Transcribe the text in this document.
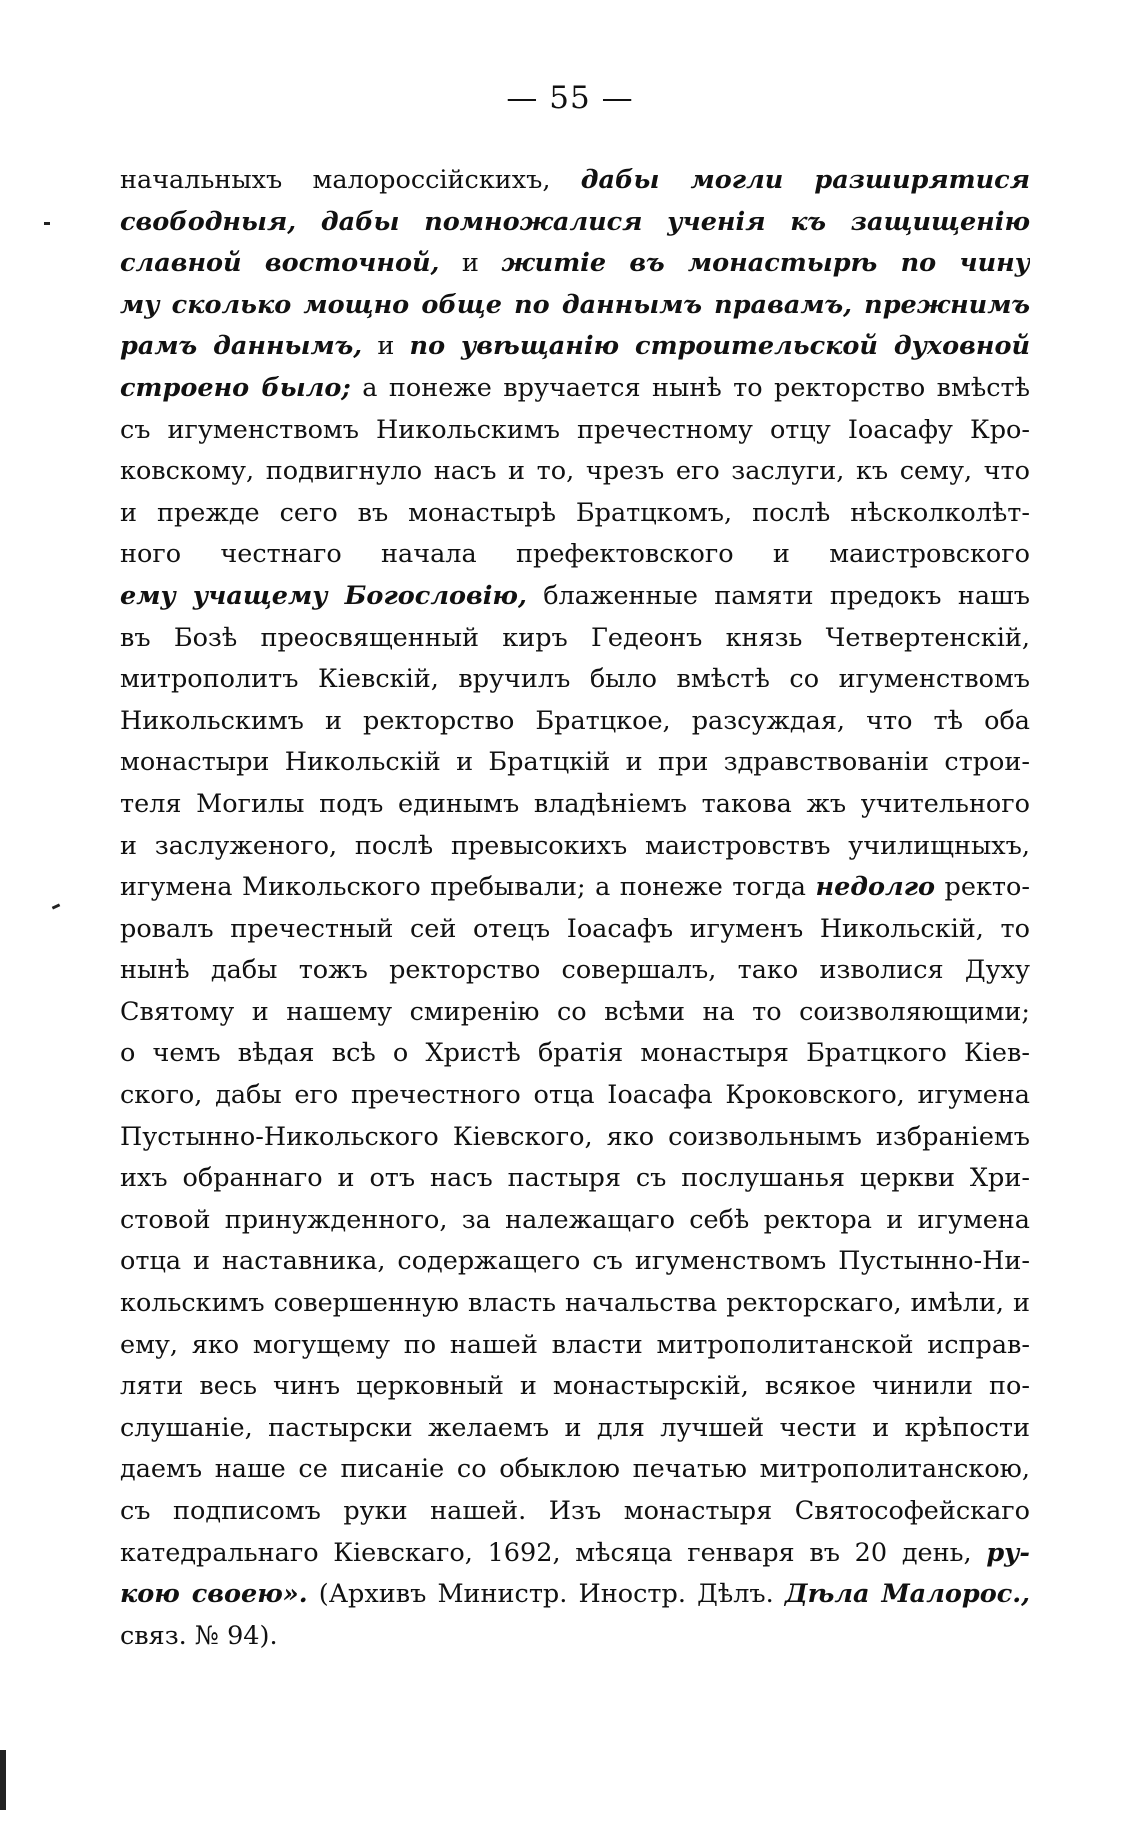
— 55 —
начальныхъ малороссійскихъ, дабы могли разширятися
свободныя, дабы помножалися ученія къ защищенію
славной восточной, и житіе въ монастырѣ по чину
му сколько мощно обще по даннымъ правамъ, прежнимъ
рамъ даннымъ, и по увѣщанію строительской духовной
строено было; а понеже вручается нынѣ то ректорство вмѣстѣ
съ игуменствомъ Никольскимъ пречестному отцу Іоасафу Кро-
ковскому, подвигнуло насъ и то, чрезъ его заслуги, къ сему, что
и прежде сего въ монастырѣ Братцкомъ, послѣ нѣсколколѣт-
ного честнаго начала префектовского и маистровского
ему учащему Богословію, блаженные памяти предокъ нашъ
въ Бозѣ преосвященный киръ Гедеонъ князь Четвертенскій,
митрополитъ Кіевскій, вручилъ было вмѣстѣ со игуменствомъ
Никольскимъ и ректорство Братцкое, разсуждая, что тѣ оба
монастыри Никольскій и Братцкій и при здравствованіи строи-
теля Могилы подъ единымъ владѣніемъ такова жъ учительного
и заслуженого, послѣ превысокихъ маистровствъ училищныхъ,
игумена Микольского пребывали; а понеже тогда недолго ректо-
ровалъ пречестный сей отецъ Іоасафъ игуменъ Никольскій, то
нынѣ дабы тожъ ректорство совершалъ, тако изволися Духу
Святому и нашему смиренію со всѣми на то соизволяющими;
о чемъ вѣдая всѣ о Христѣ братія монастыря Братцкого Кіев-
ского, дабы его пречестного отца Іоасафа Кроковского, игумена
Пустынно-Никольского Кіевского, яко соизвольнымъ избраніемъ
ихъ обраннаго и отъ насъ пастыря съ послушанья церкви Хри-
стовой принужденного, за належащаго себѣ ректора и игумена
отца и наставника, содержащего съ игуменствомъ Пустынно-Ни-
кольскимъ совершенную власть начальства ректорскаго, имѣли, и
ему, яко могущему по нашей власти митрополитанской исправ-
ляти весь чинъ церковный и монастырскій, всякое чинили по-
слушаніе, пастырски желаемъ и для лучшей чести и крѣпости
даемъ наше се писаніе со обыклою печатью митрополитанскою,
съ подписомъ руки нашей. Изъ монастыря Святософейскаго
катедральнаго Кіевскаго, 1692, мѣсяца генваря въ 20 день, ру-
кою своею». (Архивъ Министр. Иностр. Дѣлъ. Дѣла Малорос.,
связ. № 94).
